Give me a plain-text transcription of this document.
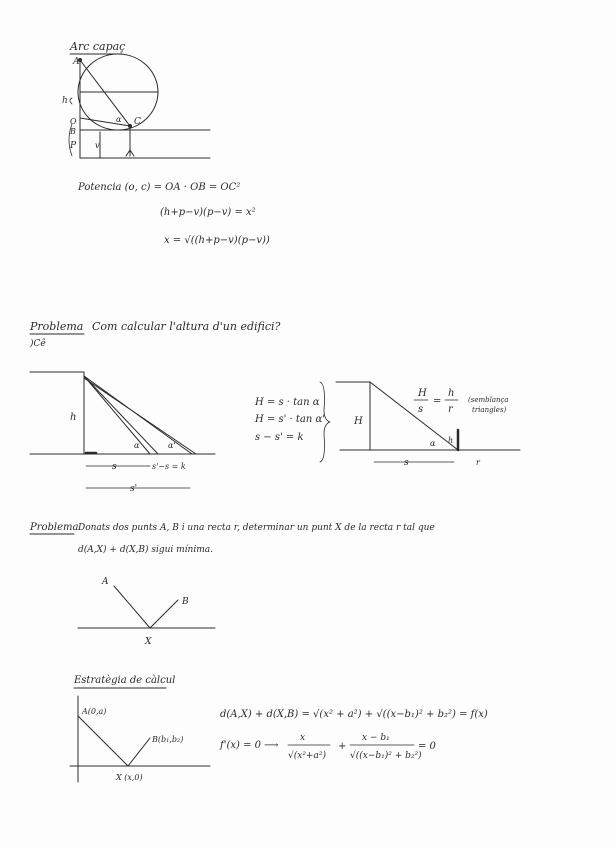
Arc capaç
A
h
O
B
P
C
α
v
Potencia (o, c) = OA · OB = OC²
(h+p−v)(p−v) = x²
x = √((h+p−v)(p−v))
Problema Com calcular l'altura d'un edifici?
)Cê
h
α	α'
s	s'−s = k
s'
H = s · tan α
H = s' · tan α'
s − s' = k
H
α h
s	r
H
s
=
h
r
(semblança
triangles)
Problema Donats dos punts A, B i una recta r, determinar un punt X de la recta r tal que
d(A,X) + d(X,B) sigui mínima.
A
B
X
Estratègia de càlcul
A(0,a)
B(b₁,b₂)
X (x,0)
d(A,X) + d(X,B) = √(x² + a²) + √((x−b₁)² + b₂²) = f(x)
f'(x) = 0 ⟶
x
√(x²+a²)
+
x − b₁
√((x−b₁)² + b₂²)
= 0
